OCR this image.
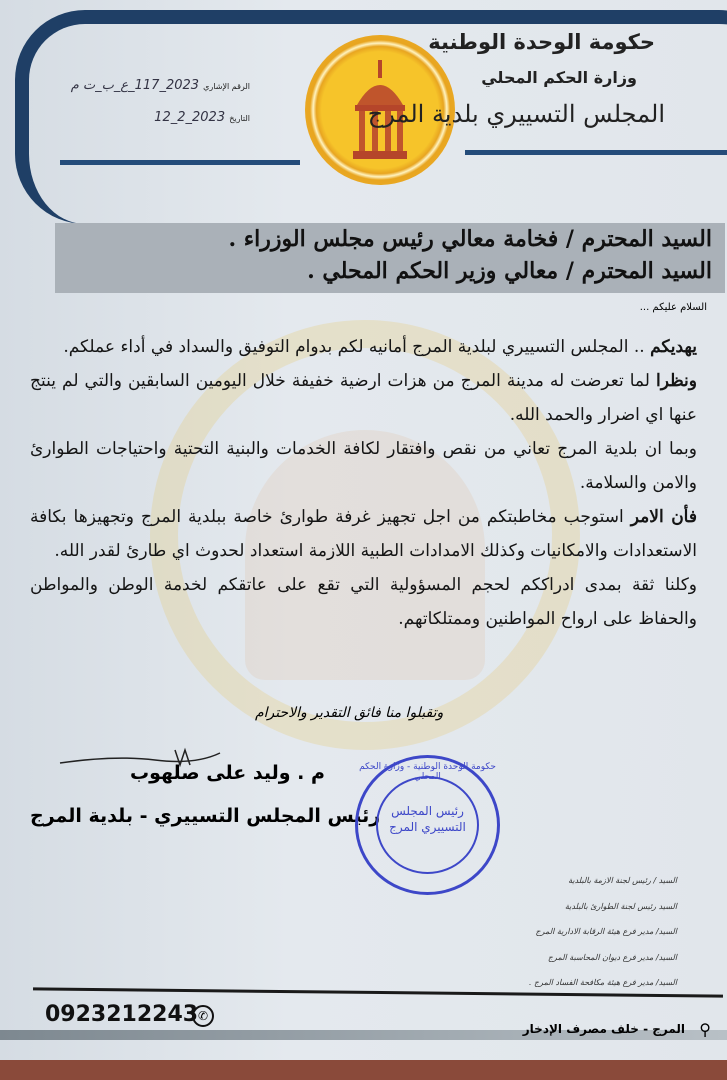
حكومة الوحدة الوطنية
وزارة الحكم المحلي
المجلس التسييري بلدية المرج
الرقم الإشاري 2023_117_ع_ب_ت م
التاريخ 2023_2_12
السيد المحترم / فخامة معالي رئيس مجلس الوزراء .
السيد المحترم / معالي وزير الحكم المحلي .
السلام عليكم ...

يهديكم .. المجلس التسييري لبلدية المرج أمانيه لكم بدوام التوفيق والسداد في أداء عملكم.

ونظرا لما تعرضت له مدينة المرج من هزات ارضية خفيفة خلال اليومين السابقين والتي لم ينتج عنها اي اضرار والحمد الله.

وبما ان بلدية المرج تعاني من نقص وافتقار لكافة الخدمات والبنية التحتية واحتياجات الطوارئ والامن والسلامة.

فأن الامر استوجب مخاطبتكم من اجل تجهيز غرفة طوارئ خاصة ببلدية المرج وتجهيزها بكافة الاستعدادات والامكانيات وكذلك الامدادات الطبية اللازمة استعداد لحدوث اي طارئ لقدر الله.

وكلنا ثقة بمدى ادراككم لحجم المسؤولية التي تقع على عاتقكم لخدمة الوطن والمواطن والحفاظ على ارواح المواطنين وممتلكاتهم.

وتقبلوا منا فائق التقدير والاحترام
م . وليد على صلهوب
رئيس المجلس التسييري - بلدية المرج
حكومة الوحدة الوطنية - وزارة الحكم المحلي
رئيس المجلس التسييري المرج
السيد / رئيس لجنة الازمة بالبلدية
السيد رئيس لجنة الطوارئ بالبلدية
السيد/ مدير فرع هيئة الرقابة الادارية المرج
السيد/ مدير فرع ديوان المحاسبة المرج
السيد/ مدير فرع هيئة مكافحة الفساد المرج .
0923212243 ✆
المرج - خلف مصرف الإدخار ⚲
